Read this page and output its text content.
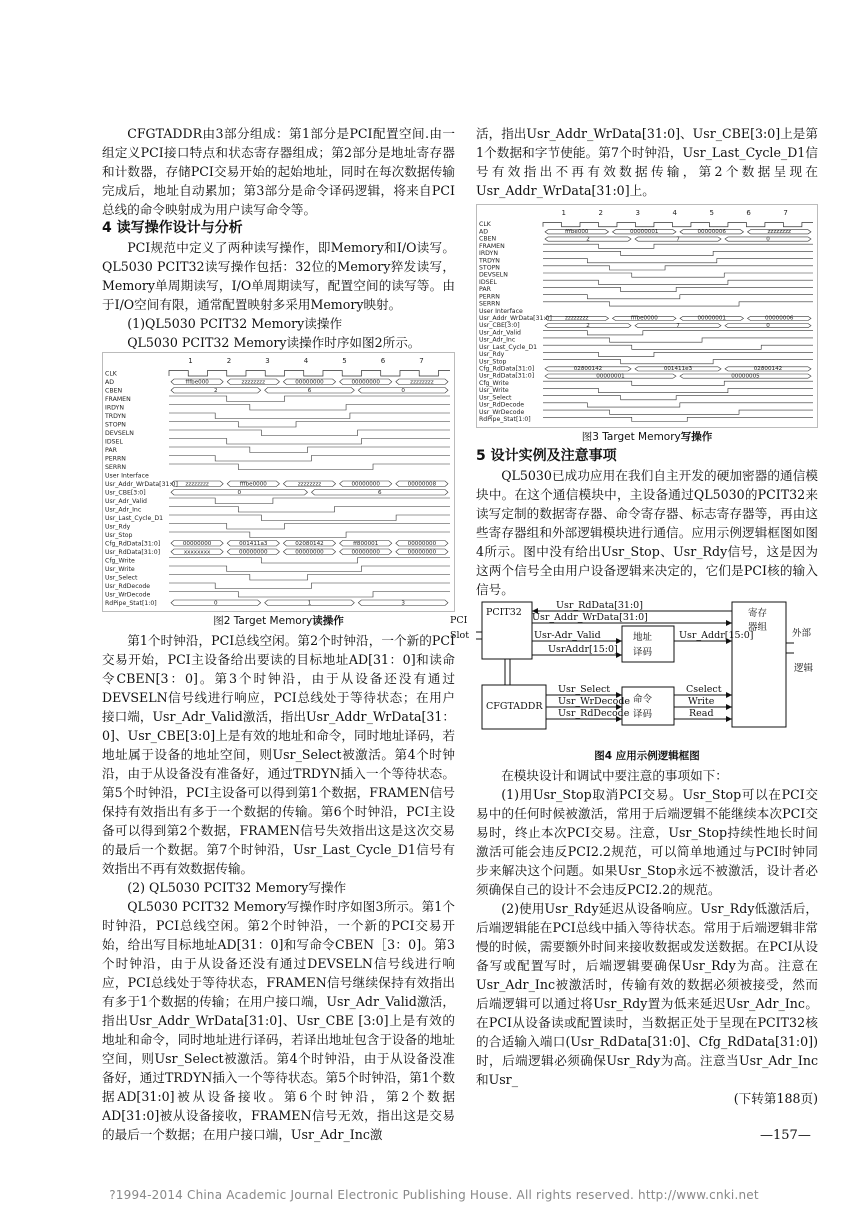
CFGTADDR由3部分组成：第1部分是PCI配置空间.由一组定义PCI接口特点和状态寄存器组成；第2部分是地址寄存器和计数器，存储PCI交易开始的起始地址，同时在每次数据传输完成后，地址自动累加；第3部分是命令译码逻辑，将来自PCI总线的命令映射成为用户读写命令等。

4 读写操作设计与分析

PCI规范中定义了两种读写操作，即Memory和I/O读写。QL5030 PCIT32读写操作包括：32位的Memory猝发读写，Memory单周期读写，I/O单周期读写，配置空间的读写等。由于I/O空间有限，通常配置映射多采用Memory映射。

(1)QL5030 PCIT32 Memory读操作

QL5030 PCIT32 Memory读操作时序如图2所示。

1	2	3	4	5	6	7
CLK
AD	fffbe000	zzzzzzzz	00000000	00000000	zzzzzzzz
CBEN	2	6	0
FRAMEN
IRDYN
TRDYN
STOPN
DEVSELN
IDSEL
PAR
PERRN
SERRN
User Interface
Usr_Addr_WrData[31:0] zzzzzzzz	fffbe0000	zzzzzzzz	00000000	00000008
Usr_CBE[3:0]	0	6
Usr_Adr_Valid
Usr_Adr_Inc
Usr_Last_Cycle_D1
Usr_Rdy
Usr_Stop
Cfg_RdData[31:0]	00000000	001411a3	02080142	ff800001	00000000
Usr_RdData[31:0]	xxxxxxxx	00000000	00000000	00000000	00000000
Cfg_Write
Usr_Write
Usr_Select
Usr_RdDecode
Usr_WrDecode
RdPipe_Stat[1:0]	0	1	3

图2 Target Memory读操作

第1个时钟沿，PCI总线空闲。第2个时钟沿，一个新的PCI交易开始，PCI主设备给出要读的目标地址AD[31：0]和读命令CBEN[3：0]。第3个时钟沿，由于从设备还没有通过DEVSELN信号线进行响应，PCI总线处于等待状态；在用户接口端，Usr_Adr_Valid激活，指出Usr_Addr_WrData[31：0]、Usr_CBE[3:0]上是有效的地址和命令，同时地址译码，若地址属于设备的地址空间，则Usr_Select被激活。第4个时钟沿，由于从设备没有准备好，通过TRDYN插入一个等待状态。第5个时钟沿，PCI主设备可以得到第1个数据，FRAMEN信号保持有效指出有多于一个数据的传输。第6个时钟沿，PCI主设备可以得到第2个数据，FRAMEN信号失效指出这是这次交易的最后一个数据。第7个时钟沿，Usr_Last_Cycle_D1信号有效指出不再有效数据传输。

(2) QL5030 PCIT32 Memory写操作

QL5030 PCIT32 Memory写操作时序如图3所示。第1个时钟沿，PCI总线空闲。第2个时钟沿，一个新的PCI交易开始，给出写目标地址AD[31：0]和写命令CBEN［3：0]。第3个时钟沿，由于从设备还没有通过DEVSELN信号线进行响应，PCI总线处于等待状态，FRAMEN信号继续保持有效指出有多于1个数据的传输；在用户接口端，Usr_Adr_Valid激活，指出Usr_Addr_WrData[31:0]、Usr_CBE [3:0]上是有效的地址和命令，同时地址进行译码，若译出地址包含于设备的地址空间，则Usr_Select被激活。第4个时钟沿，由于从设备没准备好，通过TRDYN插入一个等待状态。第5个时钟沿，第1个数据AD[31:0]被从设备接收。第6个时钟沿，第2个数据AD[31:0]被从设备接收，FRAMEN信号无效，指出这是交易的最后一个数据；在用户接口端，Usr_Adr_Inc激

活，指出Usr_Addr_WrData[31:0]、Usr_CBE[3:0]上是第1个数据和字节使能。第7个时钟沿，Usr_Last_Cycle_D1信号有效指出不再有效数据传输，第2个数据呈现在Usr_Addr_WrData[31:0]上。

1	2	3	4	5	6	7
CLK
AD	fffbe000	00000001	00000006	zzzzzzzz
CBEN	2	7	0
FRAMEN
IRDYN
TRDYN
STOPN
DEVSELN
IDSEL
PAR
PERRN
SERRN
User Interface
Usr_Addr_WrData[31:0] zzzzzzzz	fffbe0000	00000001	00000006
Usr_CBE[3:0]	2	7	0
Usr_Adr_Valid
Usr_Adr_Inc
Usr_Last_Cycle_D1
Usr_Rdy
Usr_Stop
Cfg_RdData[31:0]	02800142	001411e3	02800142
Usr_RdData[31:0]	00000001	00000005
Cfg_Write
Usr_Write
Usr_Select
Usr_RdDecode
Usr_WrDecode
RdPipe_Stat[1:0]

图3 Target Memory写操作

5 设计实例及注意事项

QL5030已成功应用在我们自主开发的硬加密器的通信模块中。在这个通信模块中，主设备通过QL5030的PCIT32来读写定制的数据寄存器、命令寄存器、标志寄存器等，再由这些寄存器组和外部逻辑模块进行通信。应用示例逻辑框图如图4所示。图中没有给出Usr_Stop、Usr_Rdy信号，这是因为这两个信号全由用户设备逻辑来决定的，它们是PCI核的输入信号。

PCI
Slot
PCIT32
CFGTADDR
地址
译码
命令
译码
寄存
器组
外部
逻辑
Usr_RdData[31:0]
Usr_Addr_WrData[31:0]
Usr-Adr_Valid
UsrAddr[15:0]
Usr_Addr[15:0]
Usr_Select
Usr_WrDecode
Usr_RdDecode
Cselect
Write
Read

图4 应用示例逻辑框图

在模块设计和调试中要注意的事项如下：

(1)用Usr_Stop取消PCI交易。Usr_Stop可以在PCI交易中的任何时候被激活，常用于后端逻辑不能继续本次PCI交易时，终止本次PCI交易。注意，Usr_Stop持续性地长时间激活可能会违反PCI2.2规范，可以简单地通过与PCI时钟同步来解决这个问题。如果Usr_Stop永远不被激活，设计者必须确保自己的设计不会违反PCI2.2的规范。

(2)使用Usr_Rdy延迟从设备响应。Usr_Rdy低激活后，后端逻辑能在PCI总线中插入等待状态。常用于后端逻辑非常慢的时候，需要额外时间来接收数据或发送数据。在PCI从设备写或配置写时，后端逻辑要确保Usr_Rdy为高。注意在Usr_Adr_Inc被激活时，传输有效的数据必须被接受，然而后端逻辑可以通过将Usr_Rdy置为低来延迟Usr_Adr_Inc。在PCI从设备读或配置读时，当数据正处于呈现在PCIT32核的合适输入端口(Usr_RdData[31:0]、Cfg_RdData[31:0])时，后端逻辑必须确保Usr_Rdy为高。注意当Usr_Adr_Inc和Usr_

(下转第188页)

—157—
?1994-2014 China Academic Journal Electronic Publishing House. All rights reserved. http://www.cnki.net
